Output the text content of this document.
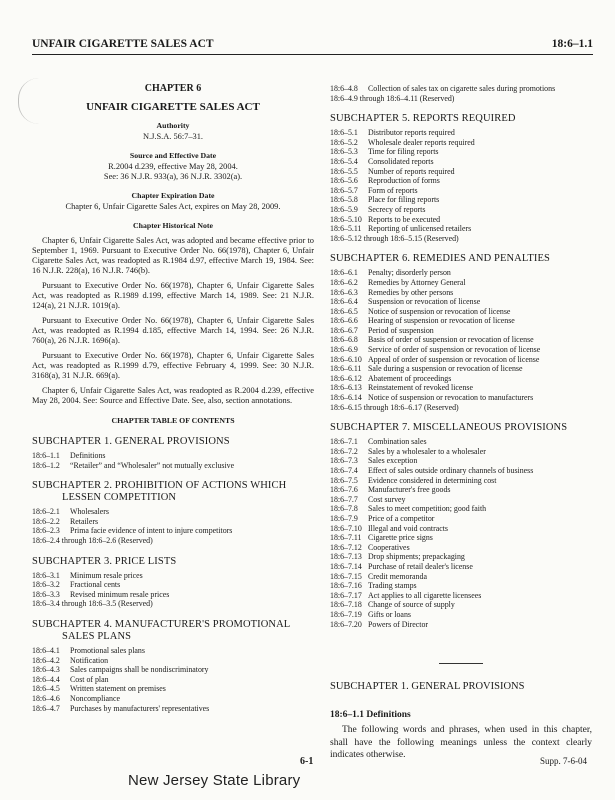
UNFAIR CIGARETTE SALES ACT	18:6–1.1
CHAPTER 6
UNFAIR CIGARETTE SALES ACT
Authority
N.J.S.A. 56:7–31.
Source and Effective Date
R.2004 d.239, effective May 28, 2004.
See: 36 N.J.R. 933(a), 36 N.J.R. 3302(a).
Chapter Expiration Date
Chapter 6, Unfair Cigarette Sales Act, expires on May 28, 2009.
Chapter Historical Note
Chapter 6, Unfair Cigarette Sales Act, was adopted and became effective prior to September 1, 1969. Pursuant to Executive Order No. 66(1978), Chapter 6, Unfair Cigarette Sales Act, was readopted as R.1984 d.97, effective March 19, 1984. See: 16 N.J.R. 228(a), 16 N.J.R. 746(b).
Pursuant to Executive Order No. 66(1978), Chapter 6, Unfair Cigarette Sales Act, was readopted as R.1989 d.199, effective March 14, 1989. See: 21 N.J.R. 124(a), 21 N.J.R. 1019(a).
Pursuant to Executive Order No. 66(1978), Chapter 6, Unfair Cigarette Sales Act, was readopted as R.1994 d.185, effective March 14, 1994. See: 26 N.J.R. 760(a), 26 N.J.R. 1696(a).
Pursuant to Executive Order No. 66(1978), Chapter 6, Unfair Cigarette Sales Act, was readopted as R.1999 d.79, effective February 4, 1999. See: 30 N.J.R. 3168(a), 31 N.J.R. 669(a).
Chapter 6, Unfair Cigarette Sales Act, was readopted as R.2004 d.239, effective May 28, 2004. See: Source and Effective Date. See, also, section annotations.
CHAPTER TABLE OF CONTENTS
SUBCHAPTER 1. GENERAL PROVISIONS
18:6–1.1	Definitions
18:6–1.2	“Retailer” and “Wholesaler” not mutually exclusive
SUBCHAPTER 2. PROHIBITION OF ACTIONS WHICH
LESSEN COMPETITION
18:6–2.1	Wholesalers
18:6–2.2	Retailers
18:6–2.3	Prima facie evidence of intent to injure competitors
18:6–2.4 through 18:6–2.6 (Reserved)
SUBCHAPTER 3. PRICE LISTS
18:6–3.1	Minimum resale prices
18:6–3.2	Fractional cents
18:6–3.3	Revised minimum resale prices
18:6–3.4 through 18:6–3.5 (Reserved)
SUBCHAPTER 4. MANUFACTURER'S PROMOTIONAL
SALES PLANS
18:6–4.1	Promotional sales plans
18:6–4.2	Notification
18:6–4.3	Sales campaigns shall be nondiscriminatory
18:6–4.4	Cost of plan
18:6–4.5	Written statement on premises
18:6–4.6	Noncompliance
18:6–4.7	Purchases by manufacturers' representatives
18:6–4.8	Collection of sales tax on cigarette sales during promotions
18:6–4.9 through 18:6–4.11 (Reserved)
SUBCHAPTER 5. REPORTS REQUIRED
18:6–5.1	Distributor reports required
18:6–5.2	Wholesale dealer reports required
18:6–5.3	Time for filing reports
18:6–5.4	Consolidated reports
18:6–5.5	Number of reports required
18:6–5.6	Reproduction of forms
18:6–5.7	Form of reports
18:6–5.8	Place for filing reports
18:6–5.9	Secrecy of reports
18:6–5.10 Reports to be executed
18:6–5.11 Reporting of unlicensed retailers
18:6–5.12 through 18:6–5.15 (Reserved)
SUBCHAPTER 6. REMEDIES AND PENALTIES
18:6–6.1	Penalty; disorderly person
18:6–6.2	Remedies by Attorney General
18:6–6.3	Remedies by other persons
18:6–6.4	Suspension or revocation of license
18:6–6.5	Notice of suspension or revocation of license
18:6–6.6	Hearing of suspension or revocation of license
18:6–6.7	Period of suspension
18:6–6.8	Basis of order of suspension or revocation of license
18:6–6.9	Service of order of suspension or revocation of license
18:6–6.10 Appeal of order of suspension or revocation of license
18:6–6.11 Sale during a suspension or revocation of license
18:6–6.12 Abatement of proceedings
18:6–6.13 Reinstatement of revoked license
18:6–6.14 Notice of suspension or revocation to manufacturers
18:6–6.15 through 18:6–6.17 (Reserved)
SUBCHAPTER 7. MISCELLANEOUS PROVISIONS
18:6–7.1	Combination sales
18:6–7.2	Sales by a wholesaler to a wholesaler
18:6–7.3	Sales exception
18:6–7.4	Effect of sales outside ordinary channels of business
18:6–7.5	Evidence considered in determining cost
18:6–7.6	Manufacturer's free goods
18:6–7.7	Cost survey
18:6–7.8	Sales to meet competition; good faith
18:6–7.9	Price of a competitor
18:6–7.10 Illegal and void contracts
18:6–7.11 Cigarette price signs
18:6–7.12 Cooperatives
18:6–7.13 Drop shipments; prepackaging
18:6–7.14 Purchase of retail dealer's license
18:6–7.15 Credit memoranda
18:6–7.16 Trading stamps
18:6–7.17 Act applies to all cigarette licensees
18:6–7.18 Change of source of supply
18:6–7.19 Gifts or loans
18:6–7.20 Powers of Director
SUBCHAPTER 1. GENERAL PROVISIONS
18:6–1.1 Definitions
The following words and phrases, when used in this chapter, shall have the following meanings unless the context clearly indicates otherwise.
6-1	Supp. 7-6-04
New Jersey State Library
